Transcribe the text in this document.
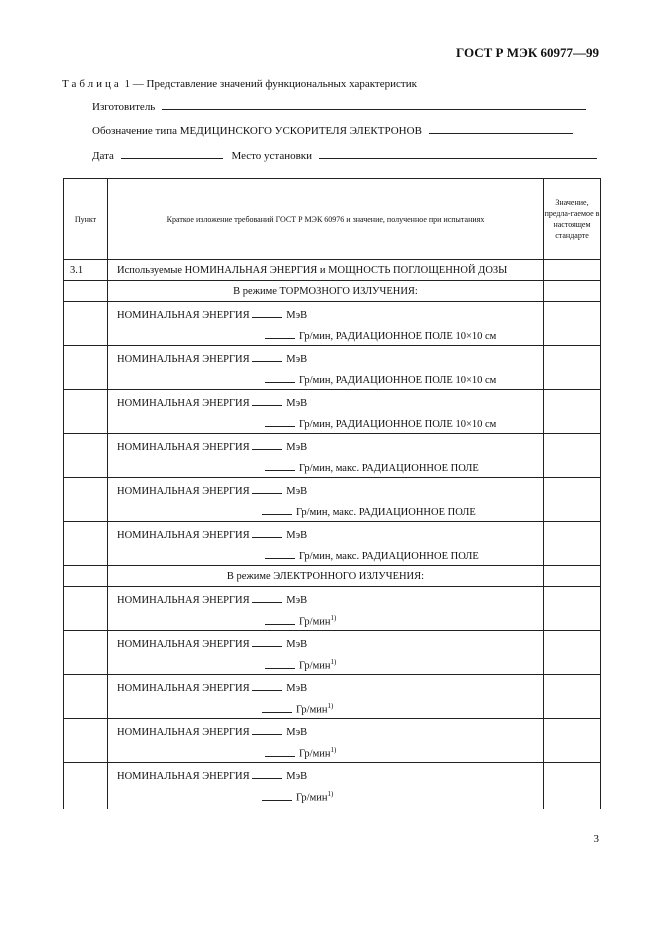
ГОСТ Р МЭК 60977—99
Таблица 1 — Представление значений функциональных характеристик
Изготовитель
Обозначение типа МЕДИЦИНСКОГО УСКОРИТЕЛЯ ЭЛЕКТРОНОВ
Дата	Место установки
Пункт	Краткое изложение требований ГОСТ Р МЭК 60976 и значение, полученное при испытаниях	Значение, предла-гаемое в настоящем стандарте
3.1	Используемые НОМИНАЛЬНАЯ ЭНЕРГИЯ и МОЩНОСТЬ ПОГЛОЩЕННОЙ ДОЗЫ	
	В режиме ТОРМОЗНОГО ИЗЛУЧЕНИЯ:	

	НОМИНАЛЬНАЯ ЭНЕРГИЯ МэВ
Гр/мин, РАДИАЦИОННОЕ ПОЛЕ 10×10 см	

	НОМИНАЛЬНАЯ ЭНЕРГИЯ МэВ
Гр/мин, РАДИАЦИОННОЕ ПОЛЕ 10×10 см	

	НОМИНАЛЬНАЯ ЭНЕРГИЯ МэВ
Гр/мин, РАДИАЦИОННОЕ ПОЛЕ 10×10 см	

	НОМИНАЛЬНАЯ ЭНЕРГИЯ МэВ
Гр/мин, макс. РАДИАЦИОННОЕ ПОЛЕ	

	НОМИНАЛЬНАЯ ЭНЕРГИЯ МэВ
Гр/мин, макс. РАДИАЦИОННОЕ ПОЛЕ	

	НОМИНАЛЬНАЯ ЭНЕРГИЯ МэВ
Гр/мин, макс. РАДИАЦИОННОЕ ПОЛЕ	

	В режиме ЭЛЕКТРОННОГО ИЗЛУЧЕНИЯ:	

	НОМИНАЛЬНАЯ ЭНЕРГИЯ МэВ
Гр/мин$^{1)}$

	НОМИНАЛЬНАЯ ЭНЕРГИЯ МэВ
Гр/мин$^{1)}$

	НОМИНАЛЬНАЯ ЭНЕРГИЯ МэВ
Гр/мин$^{1)}$

	НОМИНАЛЬНАЯ ЭНЕРГИЯ МэВ
Гр/мин$^{1)}$

	НОМИНАЛЬНАЯ ЭНЕРГИЯ МэВ
Гр/мин$^{1)}$

3
